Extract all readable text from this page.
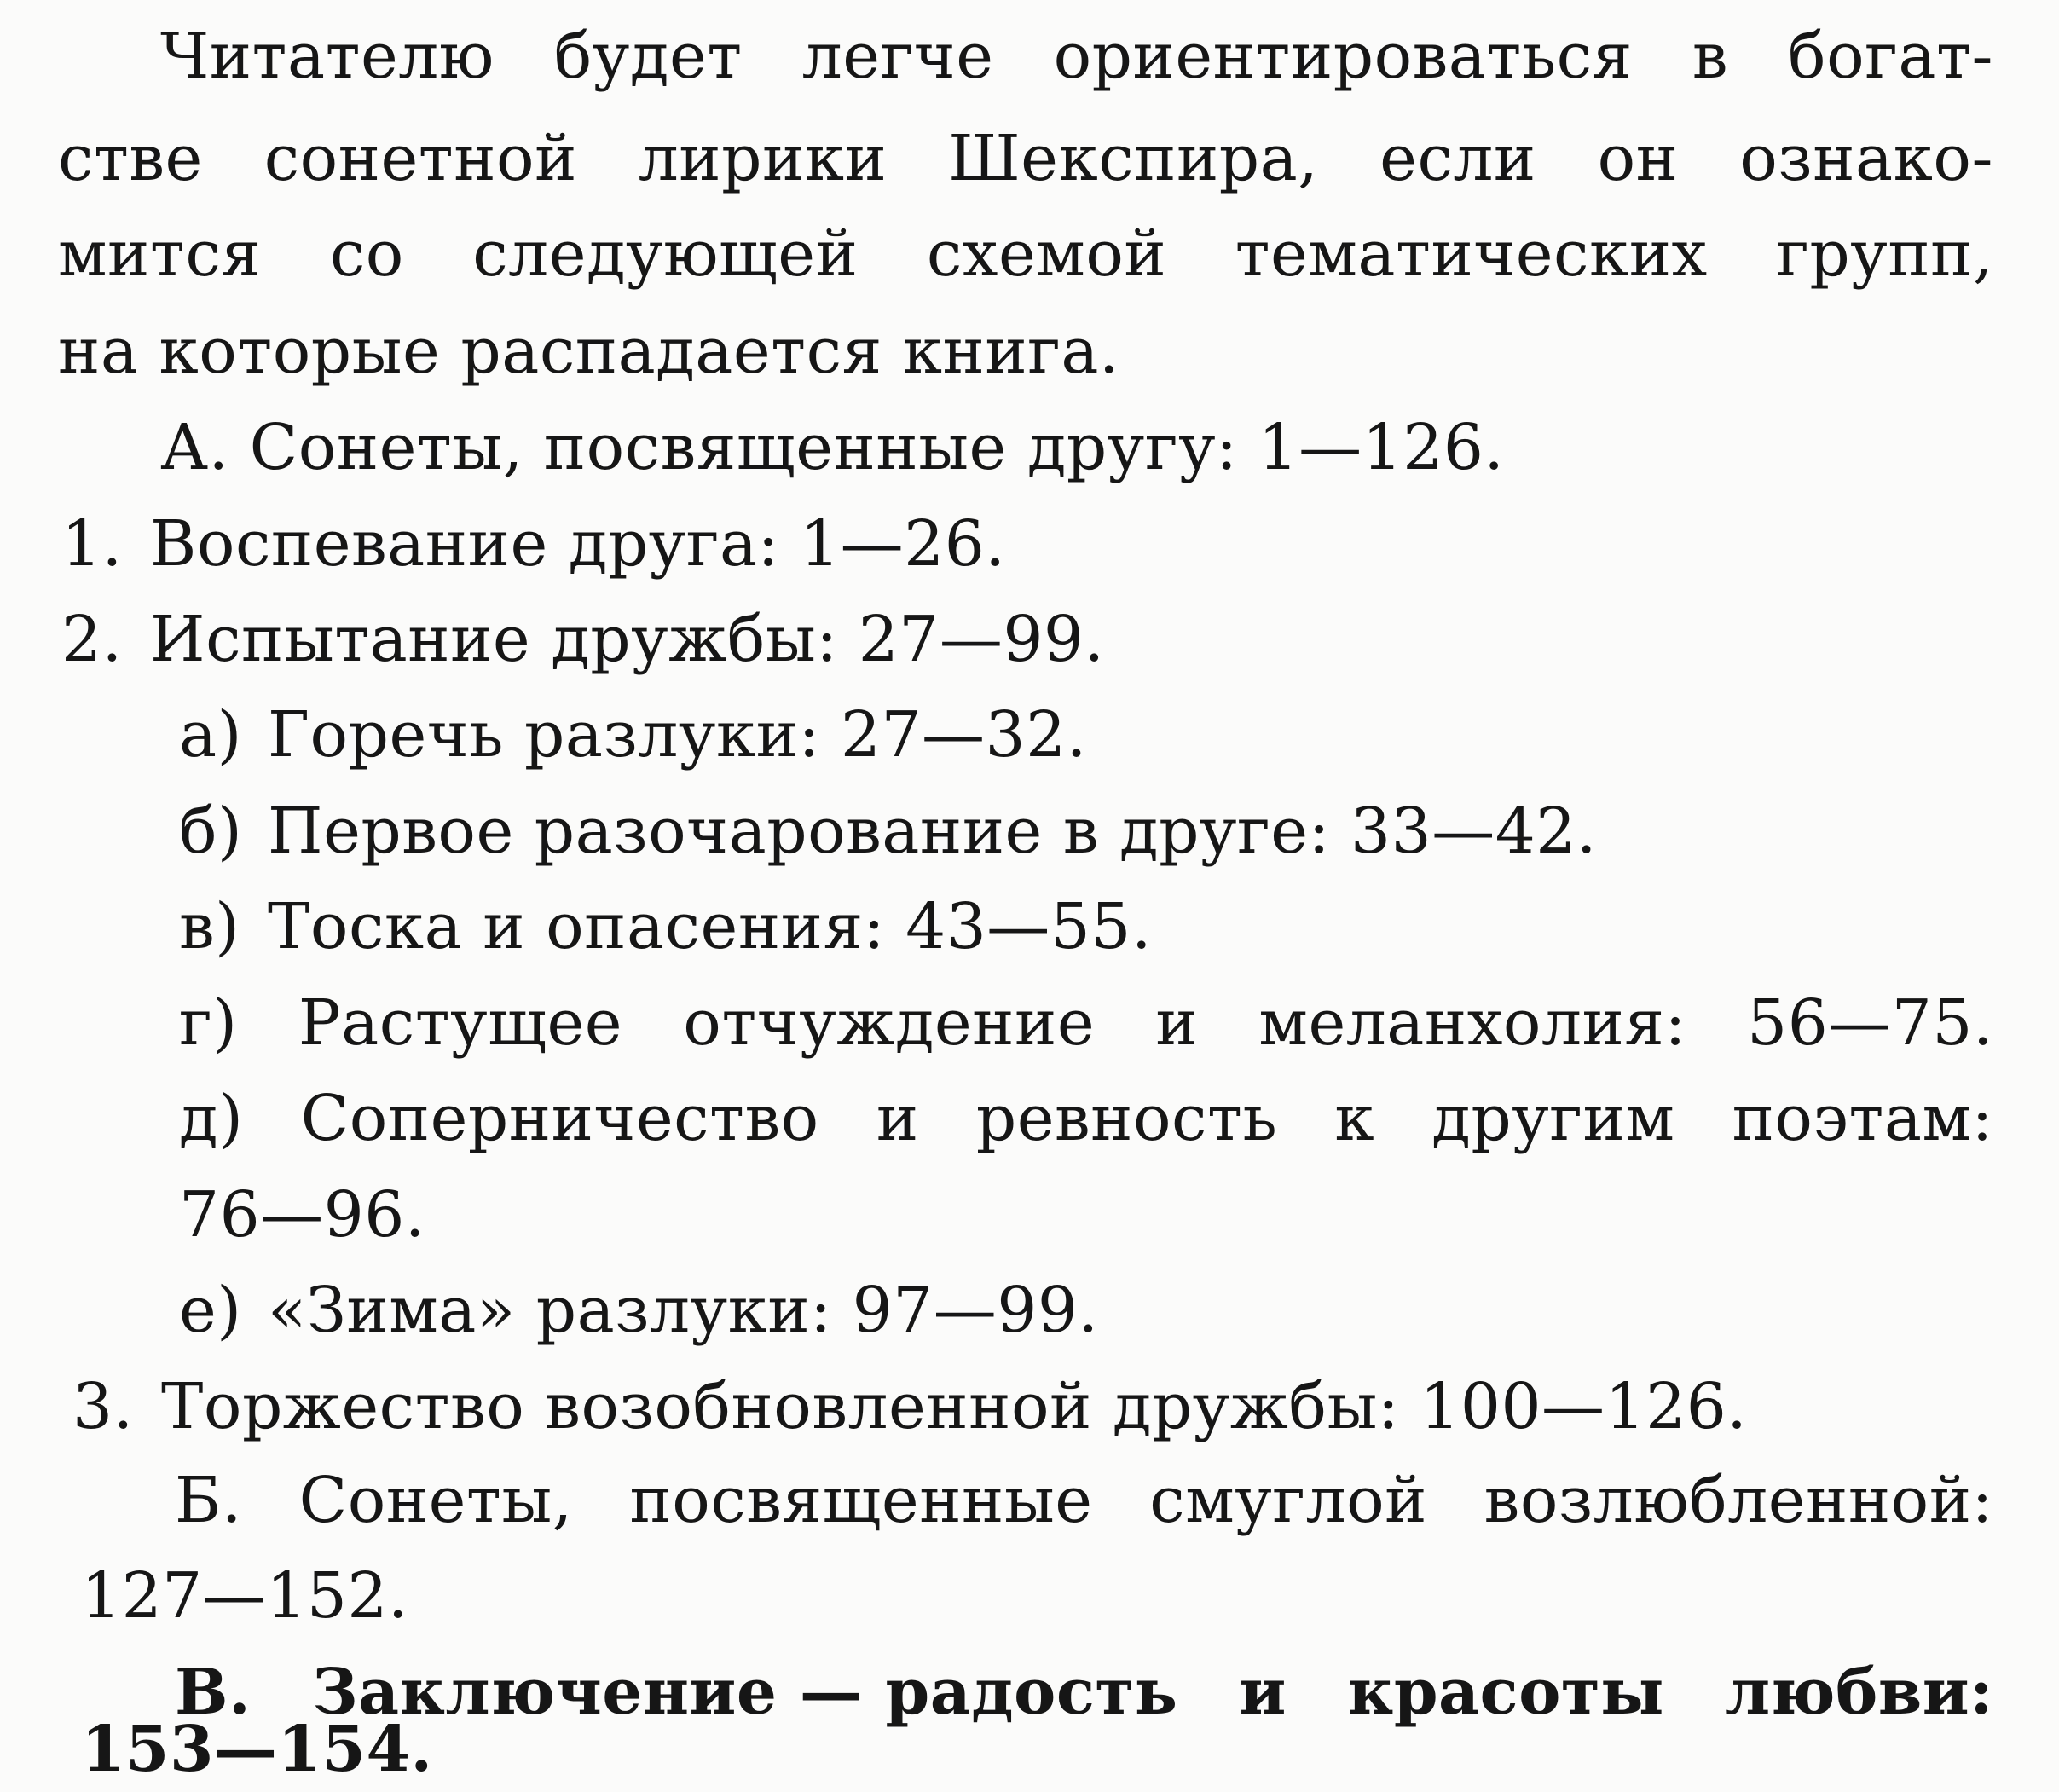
Читателю будет легче ориентироваться в богат-
стве сонетной лирики Шекспира, если он ознако-
мится со следующей схемой тематических групп,
на которые распадается книга.
А. Сонеты, посвященные другу: 1—126.
1. Воспевание друга: 1—26.
2. Испытание дружбы: 27—99.
а) Горечь разлуки: 27—32.
б) Первое разочарование в друге: 33—42.
в) Тоска и опасения: 43—55.
г) Растущее отчуждение и меланхолия: 56—75.
д) Соперничество и ревность к другим поэтам:
76—96.
е) «Зима» разлуки: 97—99.
3. Торжество возобновленной дружбы: 100—126.
Б. Сонеты, посвященные смуглой возлюбленной:
127—152.
В. Заключение — радость и красоты любви:
153—154.
